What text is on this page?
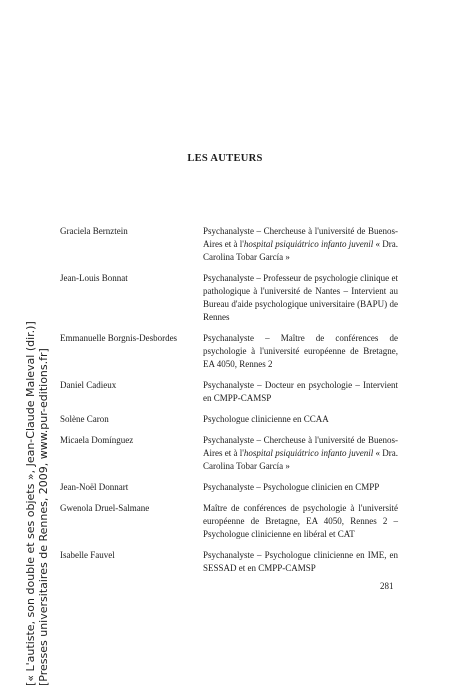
[« L'autiste, son double et ses objets », Jean-Claude Maleval (dir.)] [Presses universitaires de Rennes, 2009, www.pur-editions.fr]
LES AUTEURS
Graciela Bernztein	Psychanalyste – Chercheuse à l'université de Buenos-Aires et à l'hospital psiquiátrico infanto juvenil « Dra. Carolina Tobar García »
Jean-Louis Bonnat	Psychanalyste – Professeur de psychologie clinique et pathologique à l'université de Nantes – Intervient au Bureau d'aide psychologique universitaire (BAPU) de Rennes
Emmanuelle Borgnis-Desbordes	Psychanalyste – Maître de conférences de psychologie à l'université européenne de Bretagne, EA 4050, Rennes 2
Daniel Cadieux	Psychanalyste – Docteur en psychologie – Intervient en CMPP-CAMSP
Solène Caron	Psychologue clinicienne en CCAA
Micaela Domínguez	Psychanalyste – Chercheuse à l'université de Buenos-Aires et à l'hospital psiquiátrico infanto juvenil « Dra. Carolina Tobar García »
Jean-Noël Donnart	Psychanalyste – Psychologue clinicien en CMPP
Gwenola Druel-Salmane	Maître de conférences de psychologie à l'université européenne de Bretagne, EA 4050, Rennes 2 – Psychologue clinicienne en libéral et CAT
Isabelle Fauvel	Psychanalyste – Psychologue clinicienne en IME, en SESSAD et en CMPP-CAMSP
281
